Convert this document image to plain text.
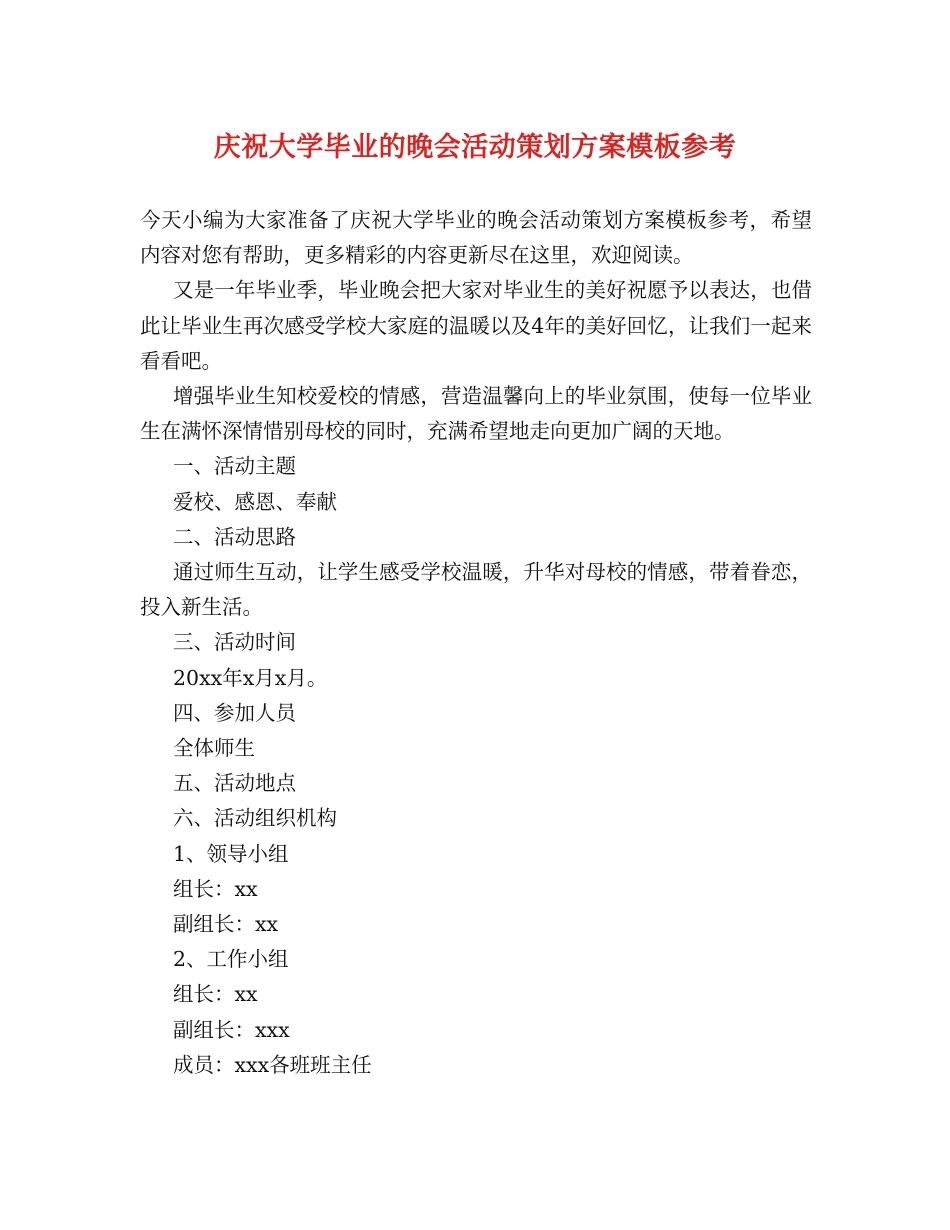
庆祝大学毕业的晚会活动策划方案模板参考

今天小编为大家准备了庆祝大学毕业的晚会活动策划方案模板参考，希望内容对您有帮助，更多精彩的内容更新尽在这里，欢迎阅读。

又是一年毕业季，毕业晚会把大家对毕业生的美好祝愿予以表达，也借此让毕业生再次感受学校大家庭的温暖以及4年的美好回忆，让我们一起来看看吧。

增强毕业生知校爱校的情感，营造温馨向上的毕业氛围，使每一位毕业生在满怀深情惜别母校的同时，充满希望地走向更加广阔的天地。

一、活动主题

爱校、感恩、奉献

二、活动思路

通过师生互动，让学生感受学校温暖，升华对母校的情感，带着眷恋，投入新生活。

三、活动时间

20xx年x月x月。

四、参加人员

全体师生

五、活动地点

六、活动组织机构

1、领导小组

组长：xx

副组长：xx

2、工作小组

组长：xx

副组长：xxx

成员：xxx各班班主任
